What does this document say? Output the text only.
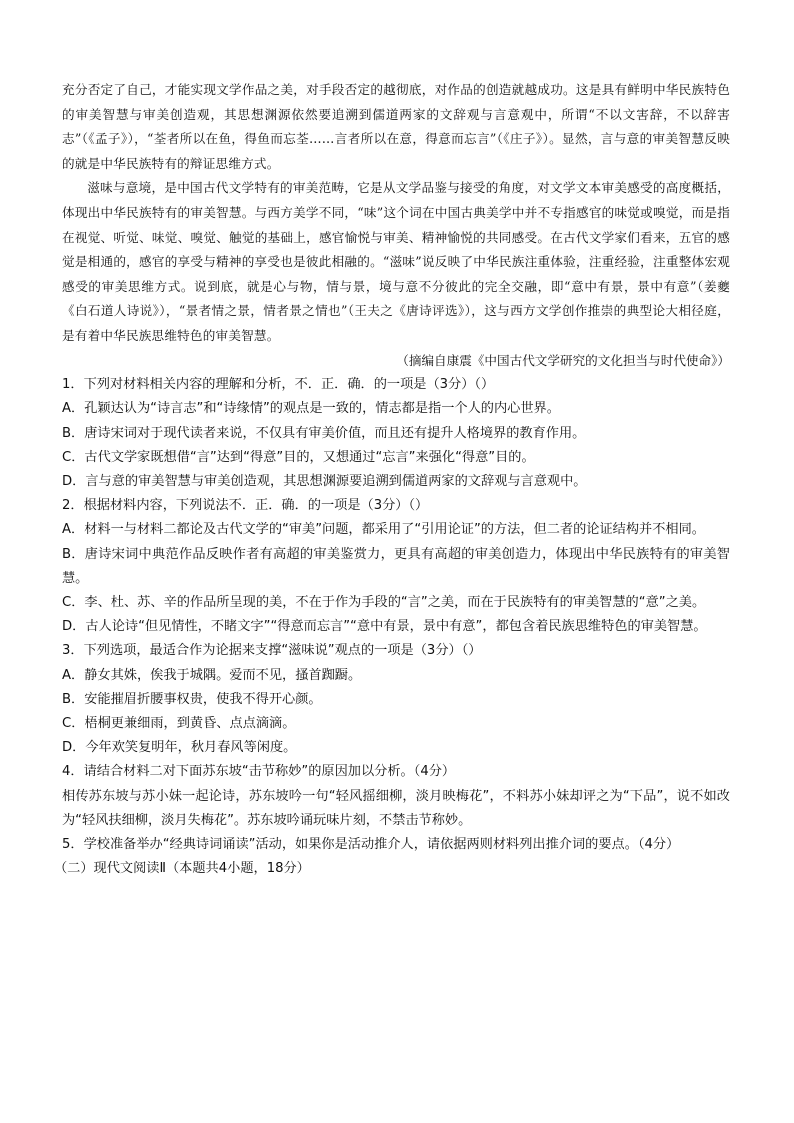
充分否定了自己，才能实现文学作品之美，对手段否定的越彻底，对作品的创造就越成功。这是具有鲜明中华民族特色的审美智慧与审美创造观，其思想渊源依然要追溯到儒道两家的文辞观与言意观中，所谓“不以文害辞，不以辞害志”（《孟子》），“荃者所以在鱼，得鱼而忘荃……言者所以在意，得意而忘言”（《庄子》）。显然，言与意的审美智慧反映的就是中华民族特有的辩证思维方式。

滋味与意境，是中国古代文学特有的审美范畴，它是从文学品鉴与接受的角度，对文学文本审美感受的高度概括，体现出中华民族特有的审美智慧。与西方美学不同，“味”这个词在中国古典美学中并不专指感官的味觉或嗅觉，而是指在视觉、听觉、味觉、嗅觉、触觉的基础上，感官愉悦与审美、精神愉悦的共同感受。在古代文学家们看来，五官的感觉是相通的，感官的享受与精神的享受也是彼此相融的。“滋味”说反映了中华民族注重体验，注重经验，注重整体宏观感受的审美思维方式。说到底，就是心与物，情与景，境与意不分彼此的完全交融，即“意中有景，景中有意”（姜夔《白石道人诗说》），“景者情之景，情者景之情也”（王夫之《唐诗评选》），这与西方文学创作推崇的典型论大相径庭，是有着中华民族思维特色的审美智慧。

（摘编自康震《中国古代文学研究的文化担当与时代使命》）

1．下列对材料相关内容的理解和分析，不．正．确．的一项是（3分）（）

A．孔颖达认为“诗言志”和“诗缘情”的观点是一致的，情志都是指一个人的内心世界。

B．唐诗宋词对于现代读者来说，不仅具有审美价值，而且还有提升人格境界的教育作用。

C．古代文学家既想借“言”达到“得意”目的，又想通过“忘言”来强化“得意”目的。

D．言与意的审美智慧与审美创造观，其思想渊源要追溯到儒道两家的文辞观与言意观中。

2．根据材料内容，下列说法不．正．确．的一项是（3分）（）

A．材料一与材料二都论及古代文学的“审美”问题，都采用了“引用论证”的方法，但二者的论证结构并不相同。

B．唐诗宋词中典范作品反映作者有高超的审美鉴赏力，更具有高超的审美创造力，体现出中华民族特有的审美智慧。

C．李、杜、苏、辛的作品所呈现的美，不在于作为手段的“言”之美，而在于民族特有的审美智慧的“意”之美。

D．古人论诗“但见情性，不睹文字”“得意而忘言”“意中有景，景中有意”，都包含着民族思维特色的审美智慧。

3．下列选项，最适合作为论据来支撑“滋味说”观点的一项是（3分）（）

A．静女其姝，俟我于城隅。爱而不见，搔首踟蹰。

B．安能摧眉折腰事权贵，使我不得开心颜。

C．梧桐更兼细雨，到黄昏、点点滴滴。

D．今年欢笑复明年，秋月春风等闲度。

4．请结合材料二对下面苏东坡“击节称妙”的原因加以分析。（4分）

相传苏东坡与苏小妹一起论诗，苏东坡吟一句“轻风摇细柳，淡月映梅花”，不料苏小妹却评之为“下品”，说不如改为“轻风扶细柳，淡月失梅花”。苏东坡吟诵玩味片刻，不禁击节称妙。

5．学校准备举办“经典诗词诵读”活动，如果你是活动推介人，请依据两则材料列出推介词的要点。（4分）

（二）现代文阅读Ⅱ（本题共4小题，18分）
